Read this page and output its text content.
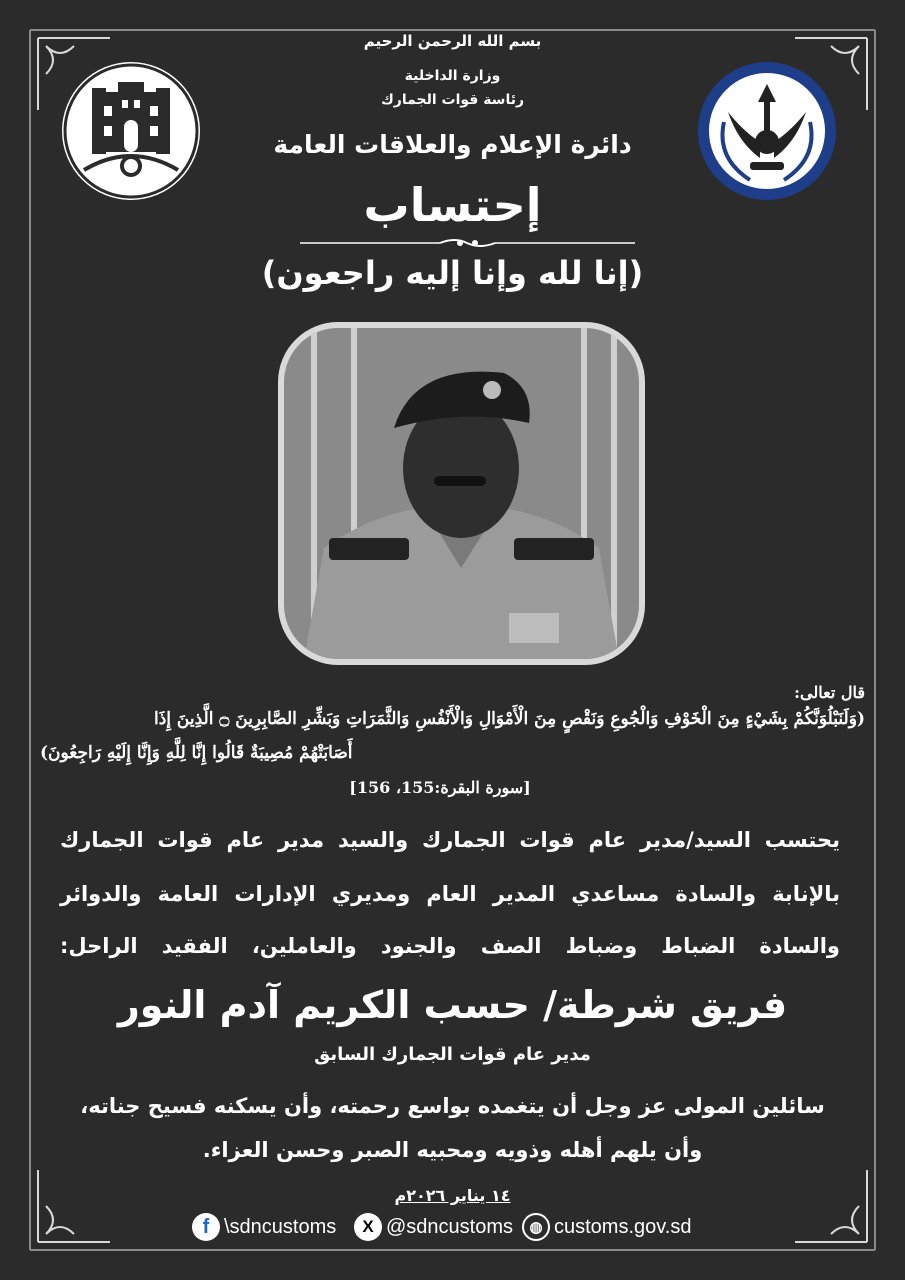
بسم الله الرحمن الرحيم
وزارة الداخلية
رئاسة قوات الجمارك
دائرة الإعلام والعلاقات العامة
إحتساب
(إنا لله وإنا إليه راجعون)
قال تعالى:
(وَلَنَبْلُوَنَّكُمْ بِشَيْءٍ مِنَ الْخَوْفِ وَالْجُوعِ وَنَقْصٍ مِنَ الْأَمْوَالِ وَالْأَنْفُسِ وَالثَّمَرَاتِ وَبَشِّرِ الصَّابِرِينَ ۝ الَّذِينَ إِذَا
أَصَابَتْهُمْ مُصِيبَةٌ قَالُوا إِنَّا لِلَّهِ وَإِنَّا إِلَيْهِ رَاجِعُونَ)
[سورة البقرة:155، 156]
يحتسب السيد/مدير عام قوات الجمارك والسيد مدير عام قوات الجمارك
بالإنابة والسادة مساعدي المدير العام ومديري الإدارات العامة والدوائر
والسادة الضباط وضباط الصف والجنود والعاملين، الفقيد الراحل:
فريق شرطة/ حسب الكريم آدم النور
مدير عام قوات الجمارك السابق
سائلين المولى عز وجل أن يتغمده بواسع رحمته، وأن يسكنه فسيح جناته،
وأن يلهم أهله وذويه ومحبيه الصبر وحسن العزاء.
١٤ يناير ٢٠٢٦م
f \sdncustoms	X @sdncustoms	◍ customs.gov.sd
